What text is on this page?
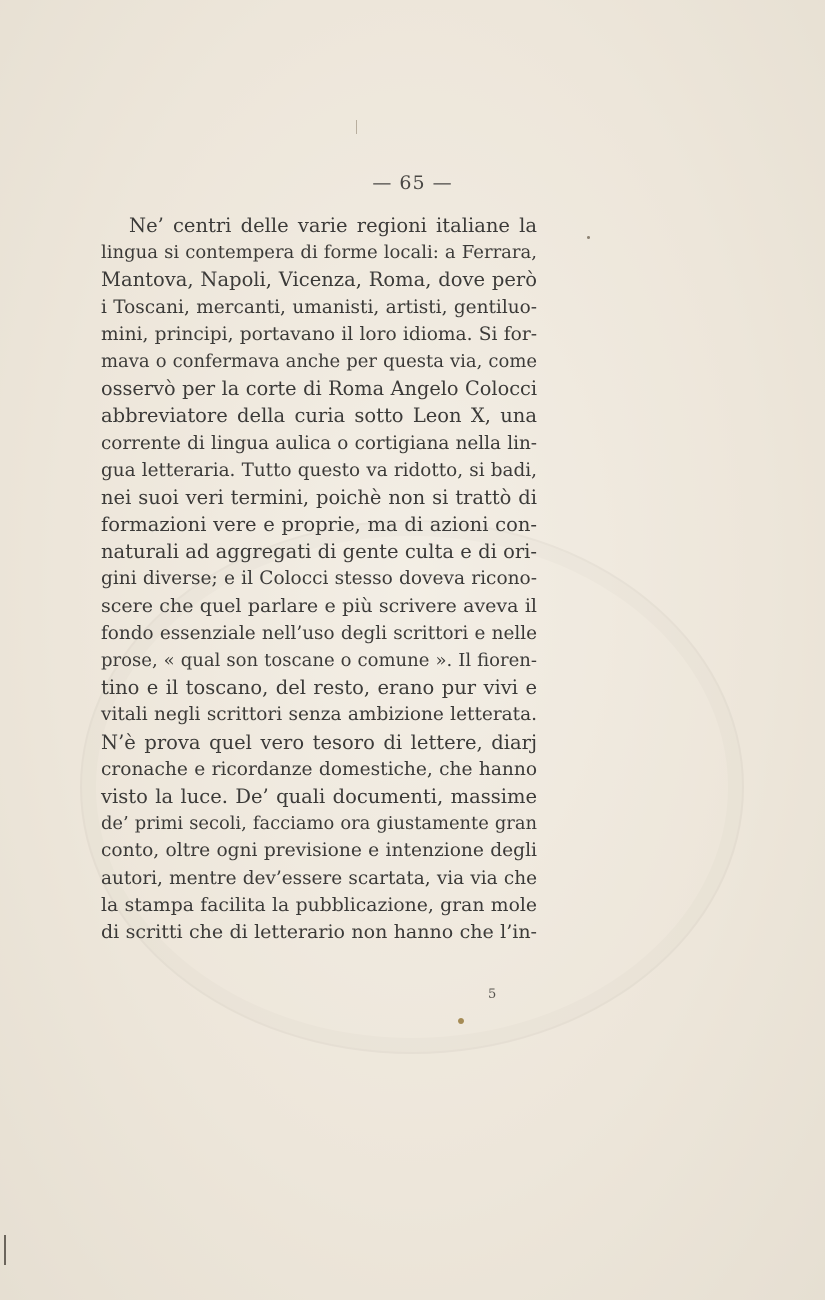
— 65 —
Ne’ centri delle varie regioni italiane la
lingua si contempera di forme locali: a Ferrara,
Mantova, Napoli, Vicenza, Roma, dove però
i Toscani, mercanti, umanisti, artisti, gentiluo-
mini, principi, portavano il loro idioma. Si for-
mava o confermava anche per questa via, come
osservò per la corte di Roma Angelo Colocci
abbreviatore della curia sotto Leon X, una
corrente di lingua aulica o cortigiana nella lin-
gua letteraria. Tutto questo va ridotto, si badi,
nei suoi veri termini, poichè non si trattò di
formazioni vere e proprie, ma di azioni con-
naturali ad aggregati di gente culta e di ori-
gini diverse; e il Colocci stesso doveva ricono-
scere che quel parlare e più scrivere aveva il
fondo essenziale nell’uso degli scrittori e nelle
prose, « qual son toscane o comune ». Il fioren-
tino e il toscano, del resto, erano pur vivi e
vitali negli scrittori senza ambizione letterata.
N’è prova quel vero tesoro di lettere, diarj
cronache e ricordanze domestiche, che hanno
visto la luce. De’ quali documenti, massime
de’ primi secoli, facciamo ora giustamente gran
conto, oltre ogni previsione e intenzione degli
autori, mentre dev’essere scartata, via via che
la stampa facilita la pubblicazione, gran mole
di scritti che di letterario non hanno che l’in-
5
